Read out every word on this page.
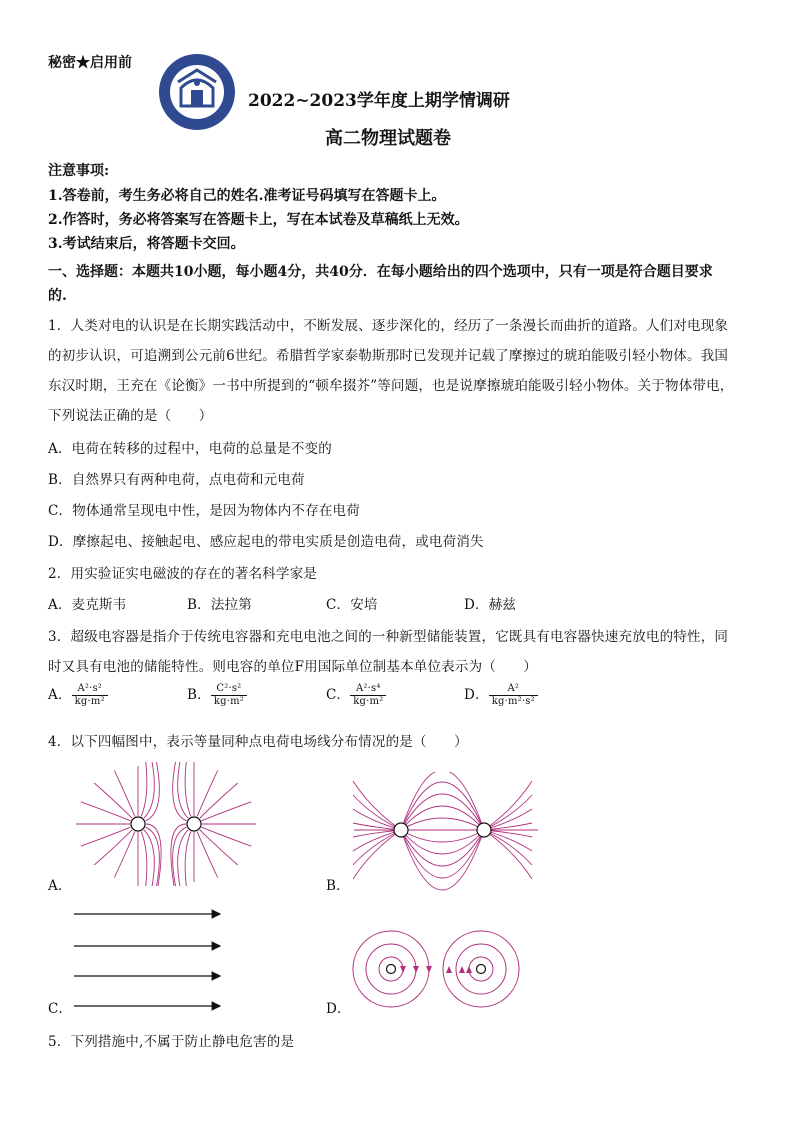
秘密★启用前
2022~2023学年度上期学情调研
高二物理试题卷
注意事项:
1.答卷前，考生务必将自己的姓名.准考证号码填写在答题卡上。
2.作答时，务必将答案写在答题卡上，写在本试卷及草稿纸上无效。
3.考试结束后，将答题卡交回。
一、选择题：本题共10小题，每小题4分，共40分．在每小题给出的四个选项中，只有一项是符合题目要求
的.
1．人类对电的认识是在长期实践活动中，不断发展、逐步深化的，经历了一条漫长而曲折的道路。人们对电现象
的初步认识，可追溯到公元前6世纪。希腊哲学家泰勒斯那时已发现并记载了摩擦过的琥珀能吸引轻小物体。我国
东汉时期，王充在《论衡》一书中所提到的“顿牟掇芥”等问题，也是说摩擦琥珀能吸引轻小物体。关于物体带电，
下列说法正确的是（　　）
A．电荷在转移的过程中，电荷的总量是不变的
B．自然界只有两种电荷，点电荷和元电荷
C．物体通常呈现电中性，是因为物体内不存在电荷
D．摩擦起电、接触起电、感应起电的带电实质是创造电荷，或电荷消失
2．用实验证实电磁波的存在的著名科学家是
A．麦克斯韦	B．法拉第	C．安培	D．赫兹
3．超级电容器是指介于传统电容器和充电电池之间的一种新型储能装置，它既具有电容器快速充放电的特性，同
时又具有电池的储能特性。则电容的单位F用国际单位制基本单位表示为（　　）
A． $\frac{\text{A²·s²}}{\text{kg·m²}}$	B． $\frac{\text{C²·s²}}{\text{kg·m²}}$	C． $\frac{\text{A²·s⁴}}{\text{kg·m²}}$	D． $\frac{\text{A²}}{\text{kg·m²·s²}}$
4．以下四幅图中，表示等量同种点电荷电场线分布情况的是（　　）
A．	B．
C．	D．
5．下列措施中,不属于防止静电危害的是
